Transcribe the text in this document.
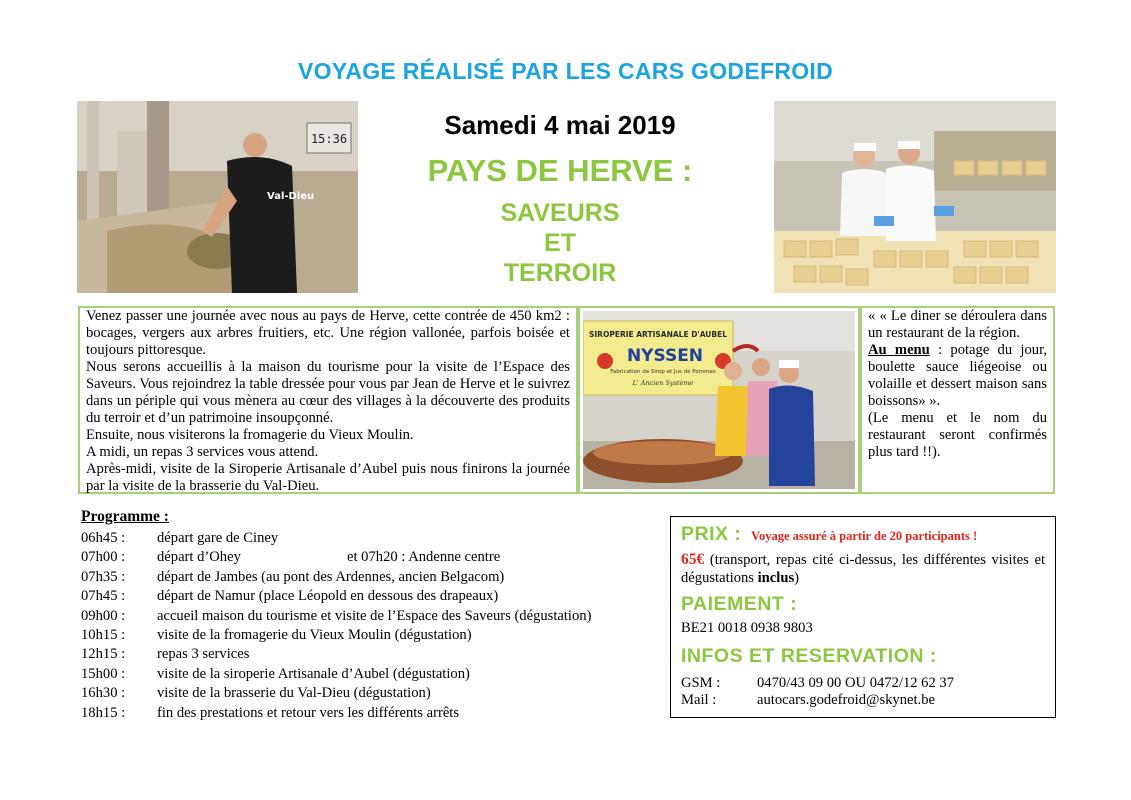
VOYAGE RÉALISÉ PAR LES CARS GODEFROID
15:36
Val-Dieu
Samedi 4 mai 2019
PAYS DE HERVE :
SAVEURS
ET
TERROIR

Venez passer une journée avec nous au pays de Herve, cette contrée de 450 km2 : bocages, vergers aux arbres fruitiers, etc. Une région vallonée, parfois boisée et toujours pittoresque.

Nous serons accueillis à la maison du tourisme pour la visite de l’Espace des Saveurs. Vous rejoindrez la table dressée pour vous par Jean de Herve et le suivrez dans un périple qui vous mènera au cœur des villages à la découverte des produits du terroir et d’un patrimoine insoupçonné.

Ensuite, nous visiterons la fromagerie du Vieux Moulin.

A midi, un repas 3 services vous attend.

Après-midi, visite de la Siroperie Artisanale d’Aubel puis nous finirons la journée par la visite de la brasserie du Val-Dieu.

SIROPERIE ARTISANALE D'AUBEL
NYSSEN
Fabrication de Sirop et Jus de Pommes
L' Ancien Système

« « Le diner se déroulera dans un restaurant de la région.

Au menu : potage du jour, boulette sauce liégeoise ou volaille et dessert maison sans boissons» ».

(Le menu et le nom du restaurant seront confirmés plus tard !!).

Programme :
06h45 :	départ gare de Ciney
07h00 :	départ d’Ohey	et 07h20 : Andenne centre
07h35 :	départ de Jambes (au pont des Ardennes, ancien Belgacom)
07h45 :	départ de Namur (place Léopold en dessous des drapeaux)
09h00 :	accueil maison du tourisme et visite de l’Espace des Saveurs (dégustation)
10h15 :	visite de la fromagerie du Vieux Moulin (dégustation)
12h15 :	repas 3 services
15h00 :	visite de la siroperie Artisanale d’Aubel (dégustation)
16h30 :	visite de la brasserie du Val-Dieu (dégustation)
18h15 :	fin des prestations et retour vers les différents arrêts
PRIX : Voyage assuré à partir de 20 participants !
65€ (transport, repas cité ci-dessus, les différentes visites et dégustations inclus)
PAIEMENT :
BE21 0018 0938 9803
INFOS ET RESERVATION :
GSM :	0470/43 09 00 OU 0472/12 62 37
Mail :	autocars.godefroid@skynet.be
